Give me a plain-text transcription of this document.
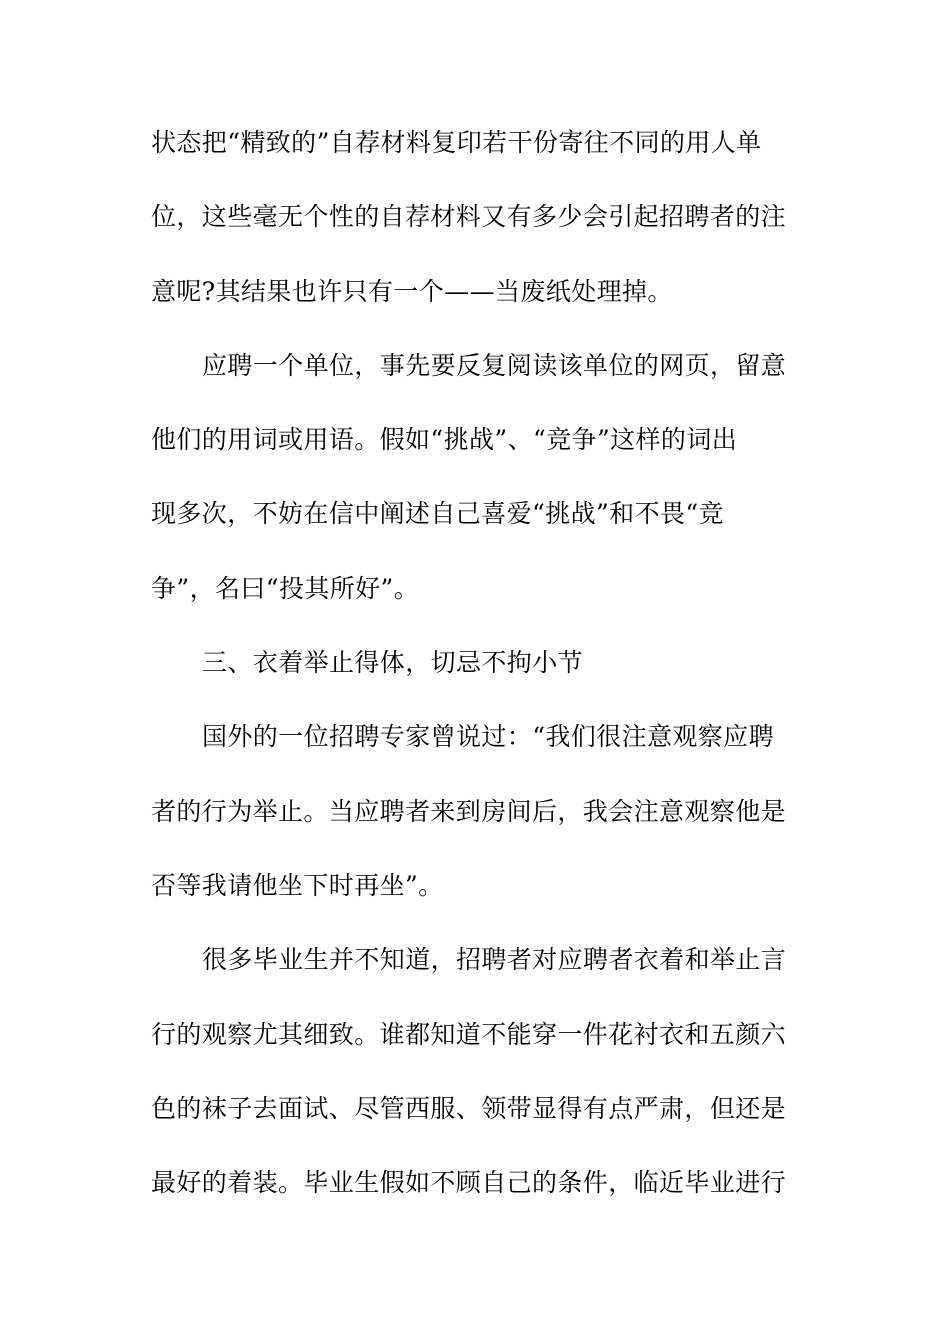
状态把“精致的”自荐材料复印若干份寄往不同的用人单
位，这些毫无个性的自荐材料又有多少会引起招聘者的注
意呢?其结果也许只有一个——当废纸处理掉。
应聘一个单位，事先要反复阅读该单位的网页，留意
他们的用词或用语。假如“挑战”、“竞争”这样的词出
现多次，不妨在信中阐述自己喜爱“挑战”和不畏“竞
争”，名曰“投其所好”。
三、衣着举止得体，切忌不拘小节
国外的一位招聘专家曾说过：“我们很注意观察应聘
者的行为举止。当应聘者来到房间后，我会注意观察他是
否等我请他坐下时再坐”。
很多毕业生并不知道，招聘者对应聘者衣着和举止言
行的观察尤其细致。谁都知道不能穿一件花衬衣和五颜六
色的袜子去面试、尽管西服、领带显得有点严肃，但还是
最好的着装。毕业生假如不顾自己的条件，临近毕业进行
